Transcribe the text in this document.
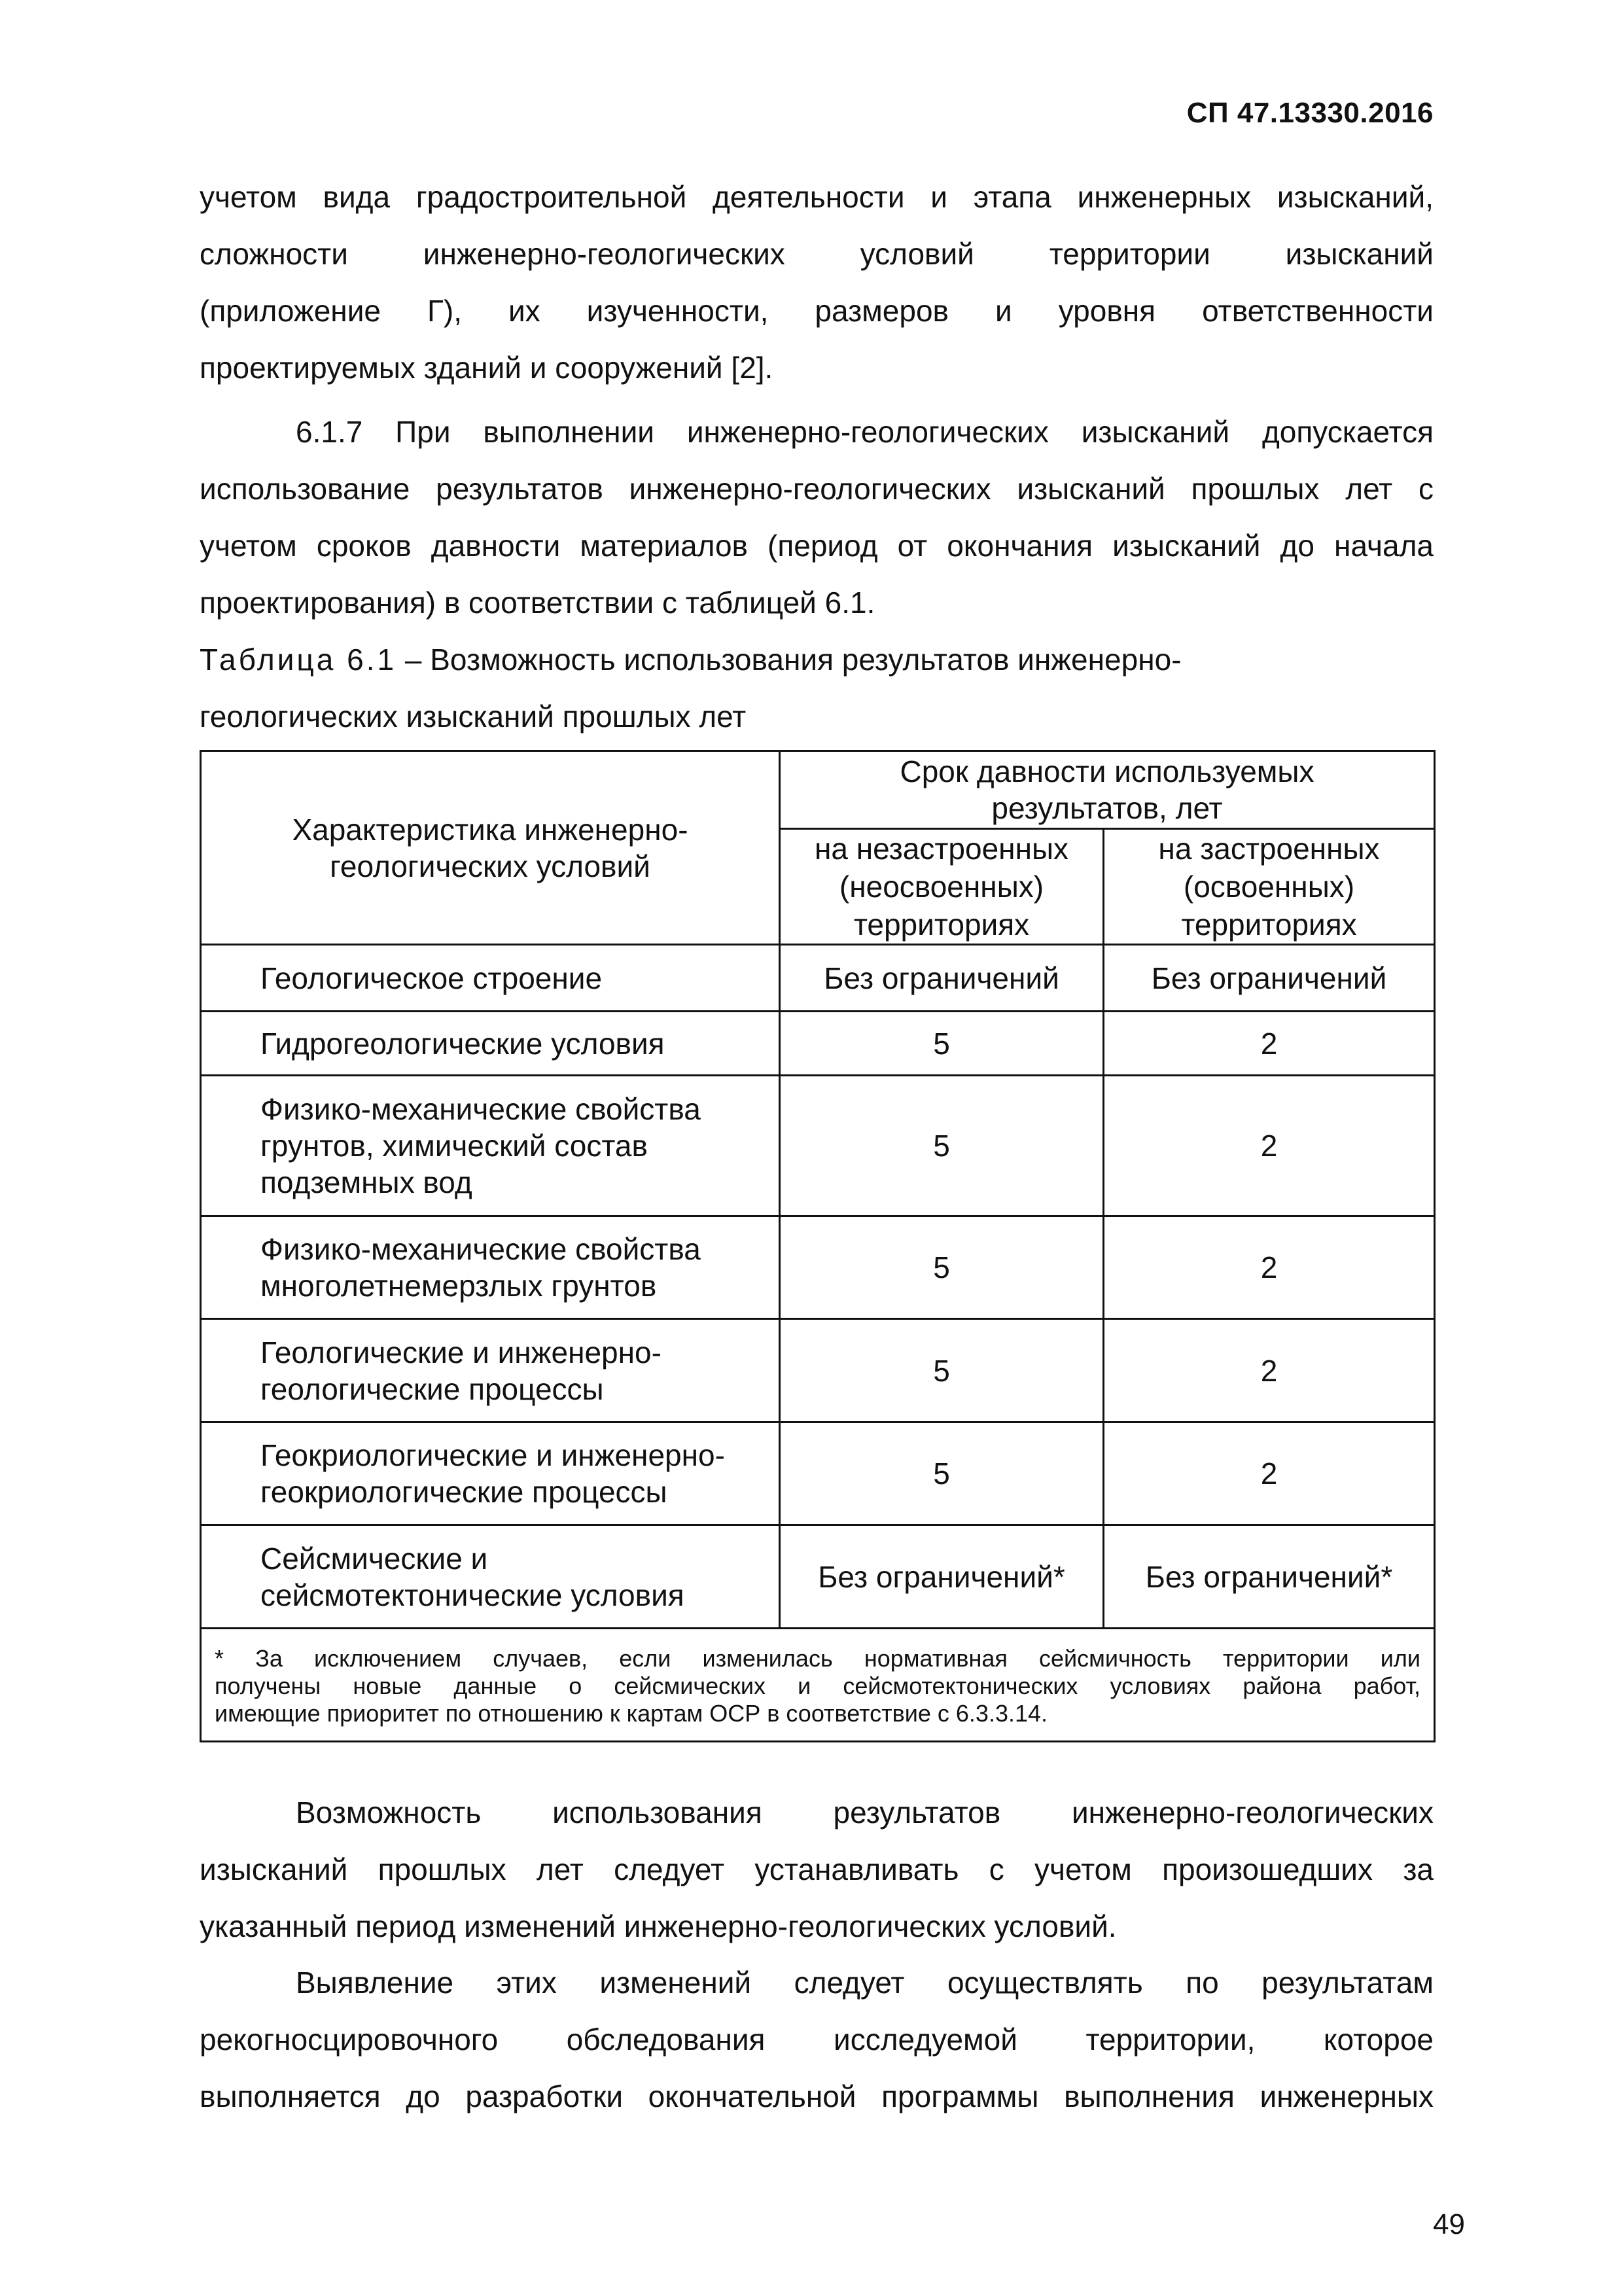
СП 47.13330.2016
учетом вида градостроительной деятельности и этапа инженерных изысканий,
сложности инженерно-геологических условий территории изысканий
(приложение Г), их изученности, размеров и уровня ответственности
проектируемых зданий и сооружений [2].
6.1.7 При выполнении инженерно-геологических изысканий допускается
использование результатов инженерно-геологических изысканий прошлых лет с
учетом сроков давности материалов (период от окончания изысканий до начала
проектирования) в соответствии с таблицей 6.1.
Таблица 6.1 – Возможность использования результатов инженерно-
геологических изысканий прошлых лет
Характеристика инженерно-геологических условий	Срок давности используемых результатов, лет	
	на незастроенных (неосвоенных) территориях	на застроенных (освоенных) территориях
Геологическое строение	Без ограничений	Без ограничений
Гидрогеологические условия	5	2
Физико-механические свойства грунтов, химический состав подземных вод	5	2
Физико-механические свойства многолетнемерзлых грунтов	5	2
Геологические и инженерно-геологические процессы	5	2
Геокриологические и инженерно-геокриологические процессы	5	2
Сейсмические и сейсмотектонические условия	Без ограничений*	Без ограничений*

* За исключением случаев, если изменилась нормативная сейсмичность территории или
получены новые данные о сейсмических и сейсмотектонических условиях района работ,
имеющие приоритет по отношению к картам ОСР в соответствие с 6.3.3.14.		
Возможность использования результатов инженерно-геологических
изысканий прошлых лет следует устанавливать с учетом произошедших за
указанный период изменений инженерно-геологических условий.
Выявление этих изменений следует осуществлять по результатам
рекогносцировочного обследования исследуемой территории, которое
выполняется до разработки окончательной программы выполнения инженерных
49
